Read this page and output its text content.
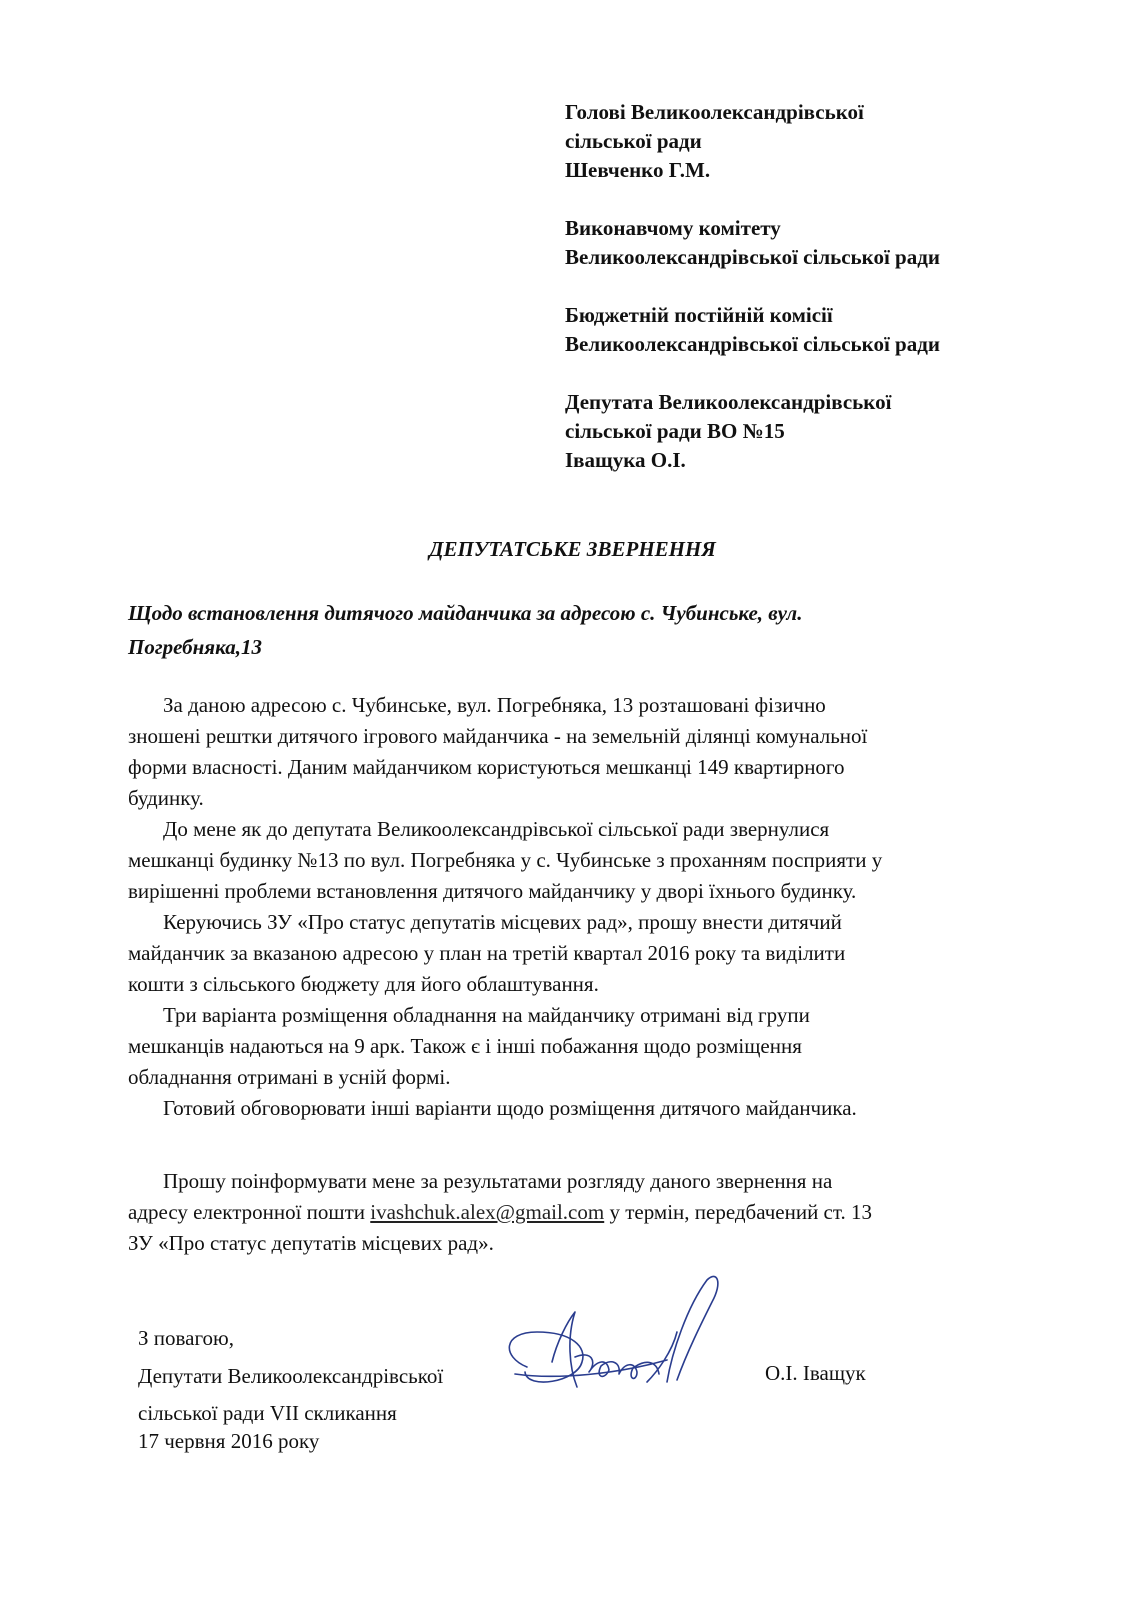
Голові Великоолександрівської
сільської ради
Шевченко Г.М.
Виконавчому комітету
Великоолександрівської сільської ради
Бюджетній постійній комісії
Великоолександрівської сільської ради
Депутата Великоолександрівської
сільської ради ВО №15
Іващука О.І.
ДЕПУТАТСЬКЕ ЗВЕРНЕННЯ
Щодо встановлення дитячого майданчика за адресою с. Чубинське, вул.
Погребняка,13
За даною адресою с. Чубинське, вул. Погребняка, 13 розташовані фізично
зношені рештки дитячого ігрового майданчика - на земельній ділянці комунальної
форми власності. Даним майданчиком користуються мешканці 149 квартирного
будинку.
До мене як до депутата Великоолександрівської сільської ради звернулися
мешканці будинку №13 по вул. Погребняка у с. Чубинське з проханням посприяти у
вирішенні проблеми встановлення дитячого майданчику у дворі їхнього будинку.
Керуючись ЗУ «Про статус депутатів місцевих рад», прошу внести дитячий
майданчик за вказаною адресою у план на третій квартал 2016 року та виділити
кошти з сільського бюджету для його облаштування.
Три варіанта розміщення обладнання на майданчику отримані від групи
мешканців надаються на 9 арк. Також є і інші побажання щодо розміщення
обладнання отримані в усній формі.
Готовий обговорювати інші варіанти щодо розміщення дитячого майданчика.
Прошу поінформувати мене за результатами розгляду даного звернення на
адресу електронної пошти ivashchuk.alex@gmail.com у термін, передбачений ст. 13
ЗУ «Про статус депутатів місцевих рад».
З повагою,
Депутати Великоолександрівської
сільської ради VII скликання
17 червня 2016 року
О.І. Іващук
